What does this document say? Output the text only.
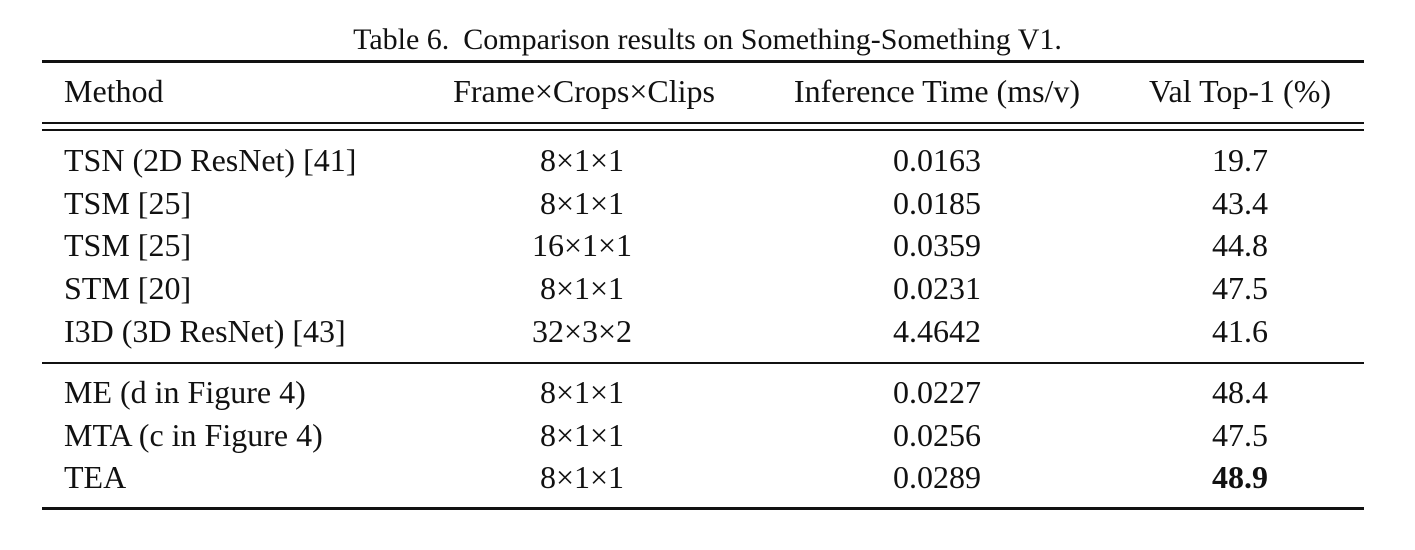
Table 6. Comparison results on Something-Something V1.
Method	Frame×Crops×Clips	Inference Time (ms/v)	Val Top-1 (%)
TSN (2D ResNet) [41]	8×1×1	0.0163	19.7
TSM [25]	8×1×1	0.0185	43.4
TSM [25]	16×1×1	0.0359	44.8
STM [20]	8×1×1	0.0231	47.5
I3D (3D ResNet) [43]	32×3×2	4.4642	41.6
ME (d in Figure 4)	8×1×1	0.0227	48.4
MTA (c in Figure 4)	8×1×1	0.0256	47.5
TEA	8×1×1	0.0289	48.9
